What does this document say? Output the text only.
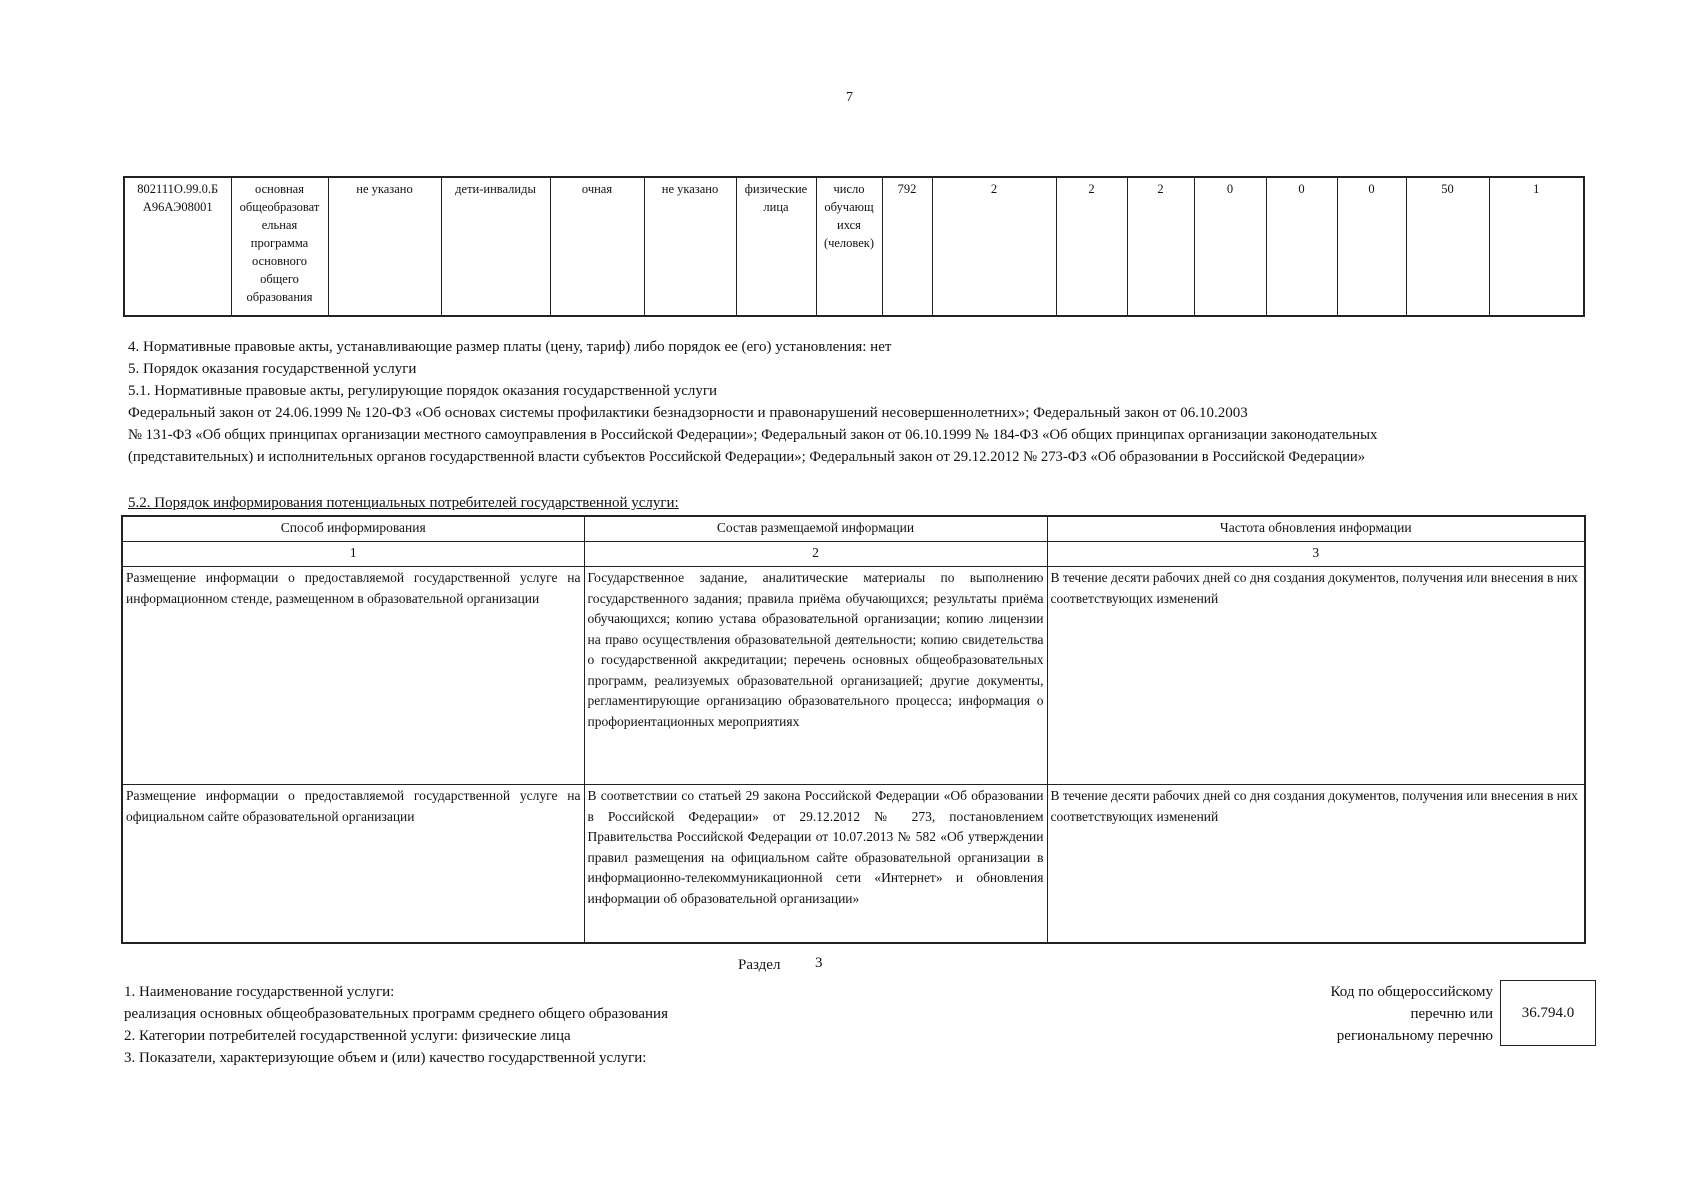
7
802111О.99.0.Б А96АЭ08001	основная общеобразоват ельная программа основного общего образования	не указано	дети-инвалиды	очная	не указано	физические лица	число обучающ ихся (человек)	792	2	2	2	0	0	0	50	1
4. Нормативные правовые акты, устанавливающие размер платы (цену, тариф) либо порядок ее (его) установления: нет
5. Порядок оказания государственной услуги
5.1. Нормативные правовые акты, регулирующие порядок оказания государственной услуги
Федеральный закон от 24.06.1999 № 120-ФЗ «Об основах системы профилактики безнадзорности и правонарушений несовершеннолетних»; Федеральный закон от 06.10.2003
№ 131-ФЗ «Об общих принципах организации местного самоуправления в Российской Федерации»; Федеральный закон от 06.10.1999 № 184-ФЗ «Об общих принципах организации законодательных
(представительных) и исполнительных органов государственной власти субъектов Российской Федерации»; Федеральный закон от 29.12.2012 № 273-ФЗ «Об образовании в Российской Федерации»
5.2. Порядок информирования потенциальных потребителей государственной услуги:
Способ информирования	Состав размещаемой информации	Частота обновления информации
1	2	3
Размещение информации о предоставляемой государственной услуге на информационном стенде, размещенном в образовательной организации	Государственное задание, аналитические материалы по выполнению государственного задания; правила приёма обучающихся; результаты приёма обучающихся; копию устава образовательной организации; копию лицензии на право осуществления образовательной деятельности; копию свидетельства о государственной аккредитации; перечень основных общеобразовательных программ, реализуемых образовательной организацией; другие документы, регламентирующие организацию образовательного процесса; информация о профориентационных мероприятиях	В течение десяти рабочих дней со дня создания документов, получения или внесения в них соответствующих изменений
Размещение информации о предоставляемой государственной услуге на официальном сайте образовательной организации	В соответствии со статьей 29 закона Российской Федерации «Об образовании в Российской Федерации» от 29.12.2012 № 273, постановлением Правительства Российской Федерации от 10.07.2013 № 582 «Об утверждении правил размещения на официальном сайте образовательной организации в информационно-телекоммуникационной сети «Интернет» и обновления информации об образовательной организации»	В течение десяти рабочих дней со дня создания документов, получения или внесения в них соответствующих изменений
Раздел 3
1. Наименование государственной услуги:
реализация основных общеобразовательных программ среднего общего образования
2. Категории потребителей государственной услуги: физические лица
3. Показатели, характеризующие объем и (или) качество государственной услуги:
Код по общероссийскому
перечню или
региональному перечню
36.794.0
